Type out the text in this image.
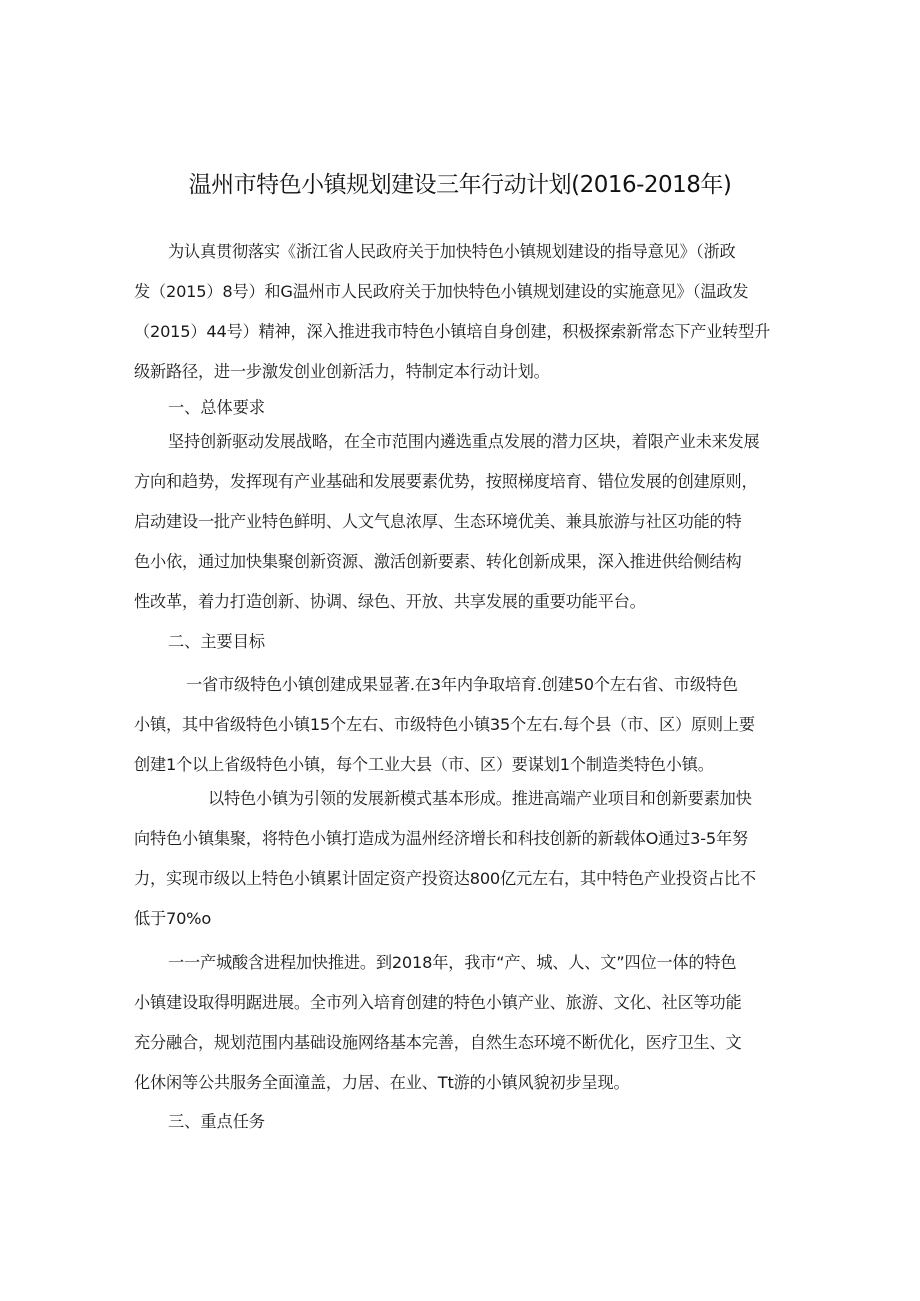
温州市特色小镇规划建设三年行动计划(2016-2018年)
为认真贯彻落实《浙江省人民政府关于加快特色小镇规划建设的指导意见》（浙政
发（2015）8号）和G温州市人民政府关于加快特色小镇规划建设的实施意见》（温政发
（2015）44号）精神，深入推进我市特色小镇培自身创建，积极探索新常态下产业转型升
级新路径，进一步激发创业创新活力，特制定本行动计划。
一、总体要求
坚持创新驱动发展战略，在全市范围内遴选重点发展的潜力区块，着限产业未来发展
方向和趋势，发挥现有产业基础和发展要素优势，按照梯度培育、错位发展的创建原则，
启动建设一批产业特色鲜明、人文气息浓厚、生态环境优美、兼具旅游与社区功能的特
色小依，通过加快集聚创新资源、激活创新要素、转化创新成果，深入推进供给侧结构
性改革，着力打造创新、协调、绿色、开放、共享发展的重要功能平台。
二、主要目标
一省市级特色小镇创建成果显著.在3年内争取培育.创建50个左右省、市级特色
小镇，其中省级特色小镇15个左右、市级特色小镇35个左右.每个县（市、区）原则上要
创建1个以上省级特色小镇，每个工业大县（市、区）要谋划1个制造类特色小镇。
以特色小镇为引领的发展新模式基本形成。推进高端产业项目和创新要素加快
向特色小镇集聚，将特色小镇打造成为温州经济增长和科技创新的新载体O通过3-5年努
力，实现市级以上特色小镇累计固定资产投资达800亿元左右，其中特色产业投资占比不
低于70%o
一一产城酸含进程加快推进。到2018年，我市“产、城、人、文”四位一体的特色
小镇建设取得明踞进展。全市列入培育创建的特色小镇产业、旅游、文化、社区等功能
充分融合，规划范围内基础设施网络基本完善，自然生态环境不断优化，医疗卫生、文
化休闲等公共服务全面潼盖，力居、在业、Tt游的小镇风貌初步呈现。
三、重点任务
